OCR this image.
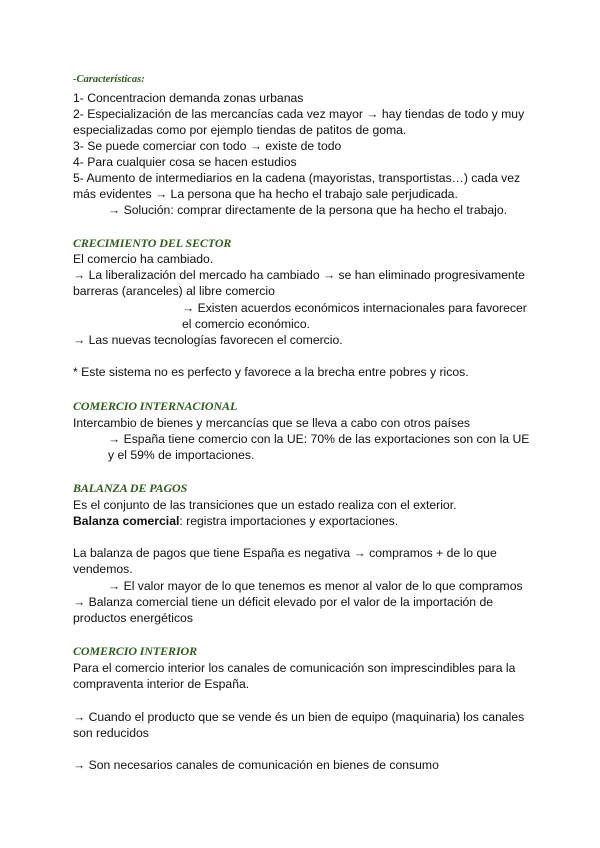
-Características:
1- Concentracion demanda zonas urbanas
2- Especialización de las mercancías cada vez mayor → hay tiendas de todo y muy
especializadas como por ejemplo tiendas de patitos de goma.
3- Se puede comerciar con todo → existe de todo
4- Para cualquier cosa se hacen estudios
5- Aumento de intermediarios en la cadena (mayoristas, transportistas…) cada vez
más evidentes → La persona que ha hecho el trabajo sale perjudicada.
→ Solución: comprar directamente de la persona que ha hecho el trabajo.
CRECIMIENTO DEL SECTOR
El comercio ha cambiado.
→ La liberalización del mercado ha cambiado → se han eliminado progresivamente
barreras (aranceles) al libre comercio
→ Existen acuerdos económicos internacionales para favorecer
el comercio económico.
→ Las nuevas tecnologías favorecen el comercio.
* Este sistema no es perfecto y favorece a la brecha entre pobres y ricos.
COMERCIO INTERNACIONAL
Intercambio de bienes y mercancías que se lleva a cabo con otros países
→ España tiene comercio con la UE: 70% de las exportaciones son con la UE
y el 59% de importaciones.
BALANZA DE PAGOS
Es el conjunto de las transiciones que un estado realiza con el exterior.
Balanza comercial: registra importaciones y exportaciones.
La balanza de pagos que tiene España es negativa → compramos + de lo que
vendemos.
→ El valor mayor de lo que tenemos es menor al valor de lo que compramos
→ Balanza comercial tiene un déficit elevado por el valor de la importación de
productos energéticos
COMERCIO INTERIOR
Para el comercio interior los canales de comunicación son imprescindibles para la
compraventa interior de España.
→ Cuando el producto que se vende és un bien de equipo (maquinaria) los canales
son reducidos
→ Son necesarios canales de comunicación en bienes de consumo
